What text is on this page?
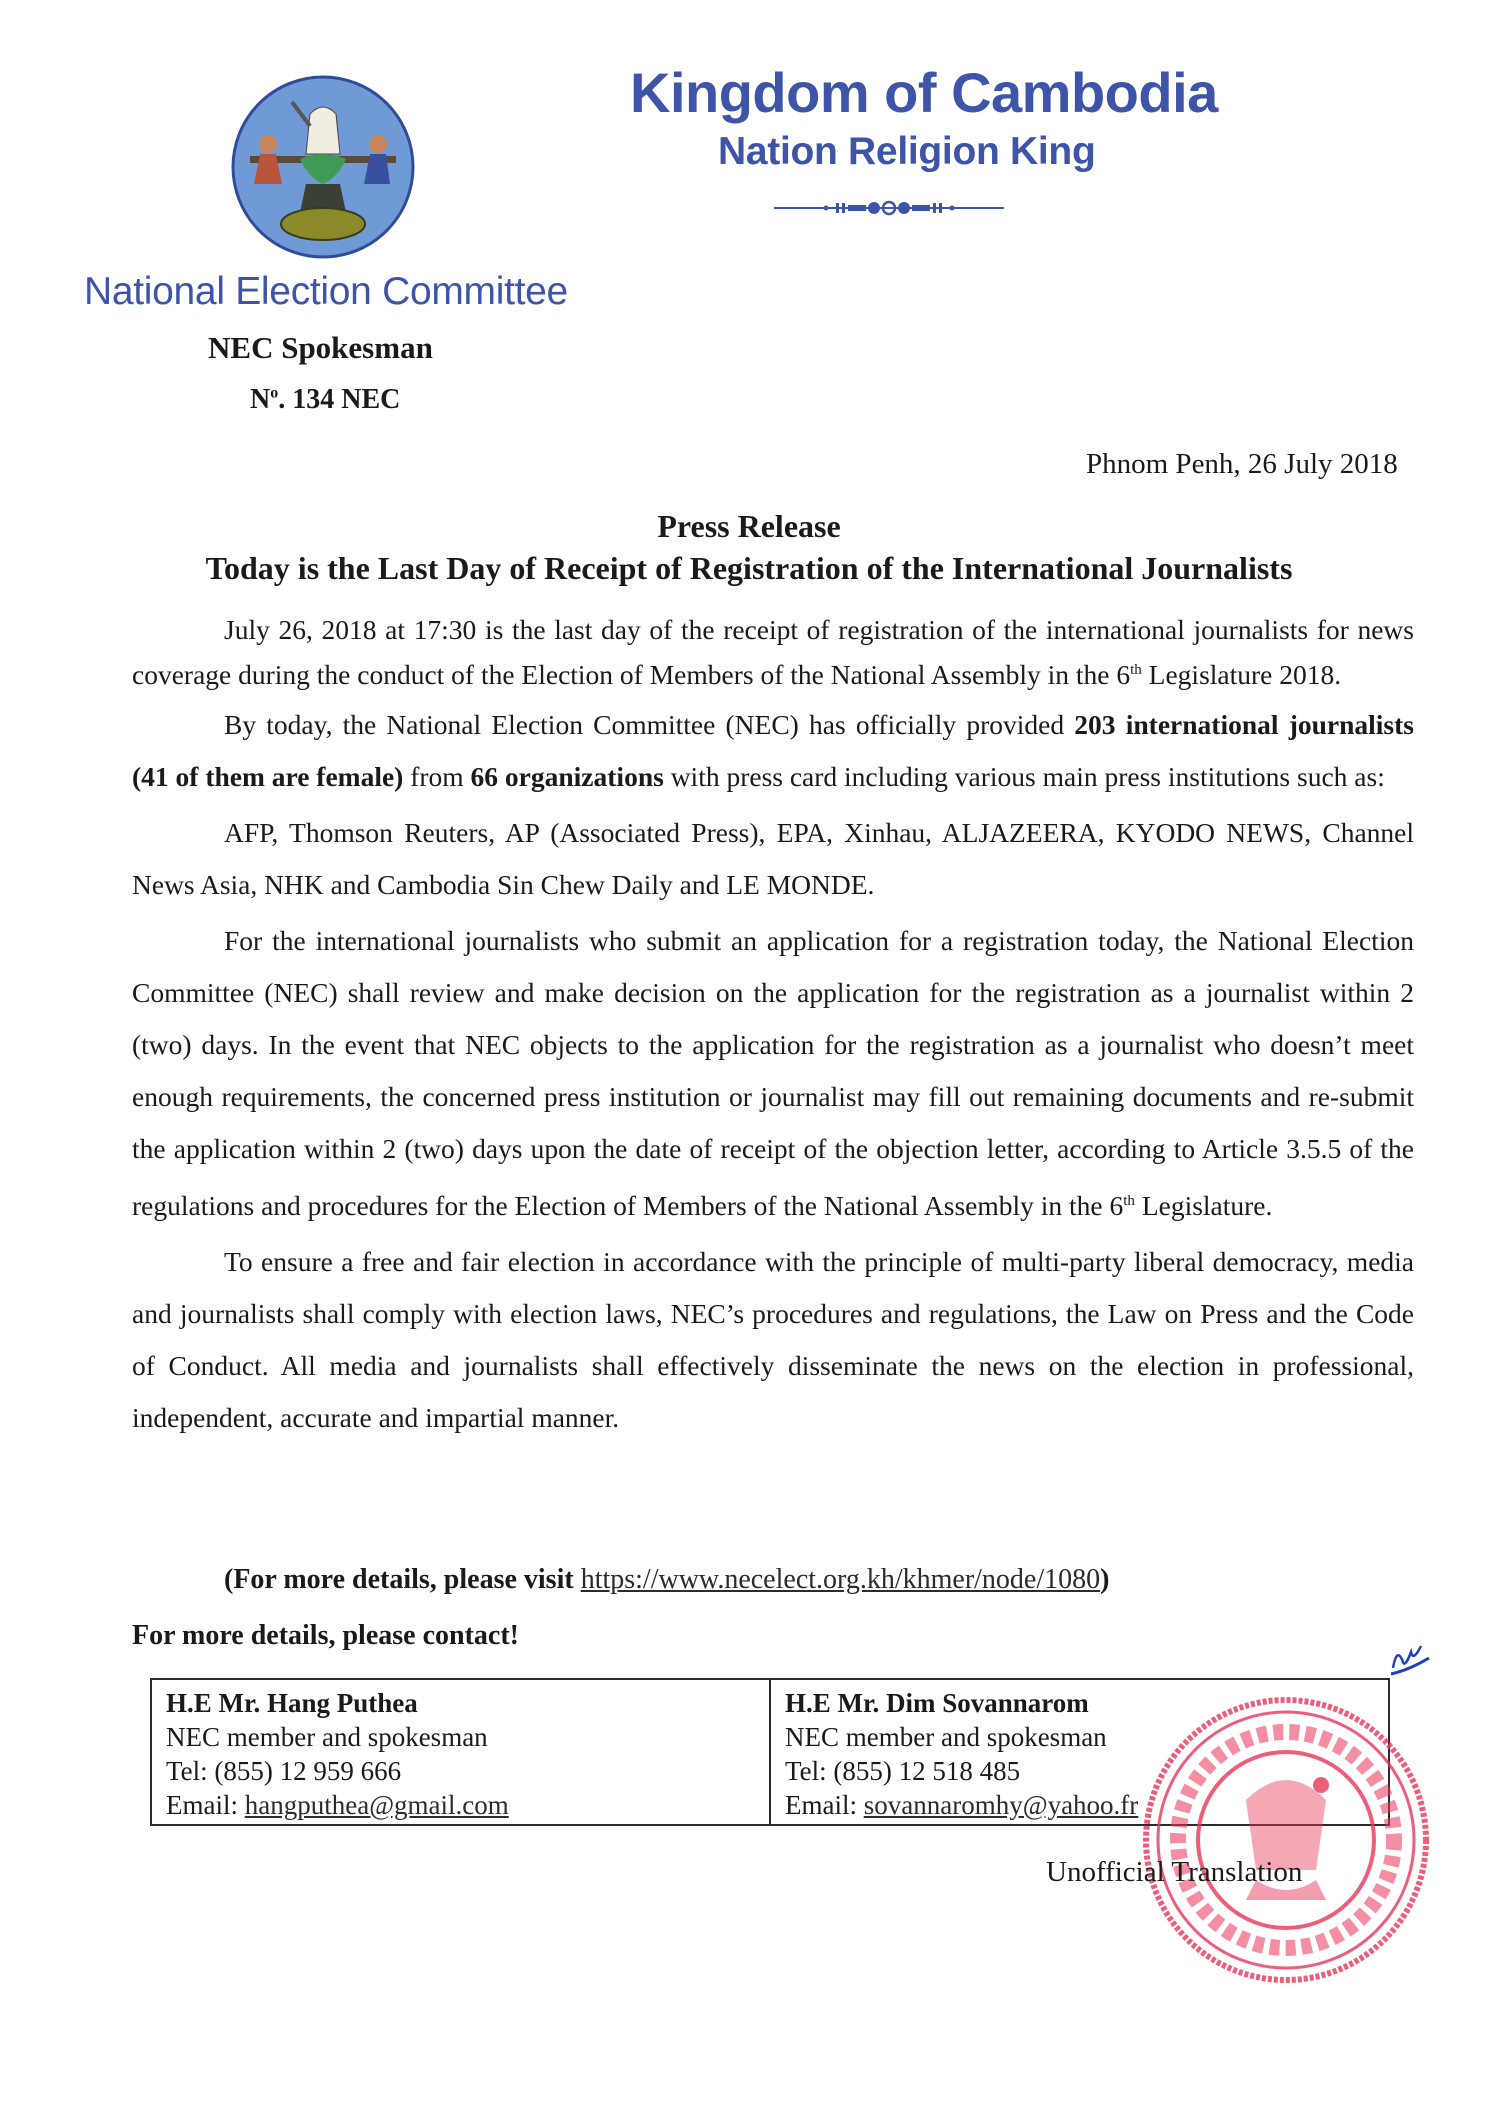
National Election Committee
NEC Spokesman
$N^o$. 134 NEC
Kingdom of Cambodia
Nation Religion King
Phnom Penh, 26 July 2018
Press Release
Today is the Last Day of Receipt of Registration of the International Journalists

July 26, 2018 at 17:30 is the last day of the receipt of registration of the international journalists for news coverage during the conduct of the Election of Members of the National Assembly in the 6th Legislature 2018.

By today, the National Election Committee (NEC) has officially provided 203 international journalists (41 of them are female) from 66 organizations with press card including various main press institutions such as:

AFP, Thomson Reuters, AP (Associated Press), EPA, Xinhau, ALJAZEERA, KYODO NEWS, Channel News Asia, NHK and Cambodia Sin Chew Daily and LE MONDE.

For the international journalists who submit an application for a registration today, the National Election Committee (NEC) shall review and make decision on the application for the registration as a journalist within 2 (two) days. In the event that NEC objects to the application for the registration as a journalist who doesn’t meet enough requirements, the concerned press institution or journalist may fill out remaining documents and re-submit the application within 2 (two) days upon the date of receipt of the objection letter, according to Article 3.5.5 of the regulations and procedures for the Election of Members of the National Assembly in the 6th Legislature.

To ensure a free and fair election in accordance with the principle of multi-party liberal democracy, media and journalists shall comply with election laws, NEC’s procedures and regulations, the Law on Press and the Code of Conduct. All media and journalists shall effectively disseminate the news on the election in professional, independent, accurate and impartial manner.

(For more details, please visit https://www.necelect.org.kh/khmer/node/1080)
For more details, please contact!
H.E Mr. Hang Puthea
NEC member and spokesman
Tel: (855) 12 959 666
Email: hangputhea@gmail.com
H.E Mr. Dim Sovannarom
NEC member and spokesman
Tel: (855) 12 518 485
Email: sovannaromhy@yahoo.fr
Unofficial Translation
